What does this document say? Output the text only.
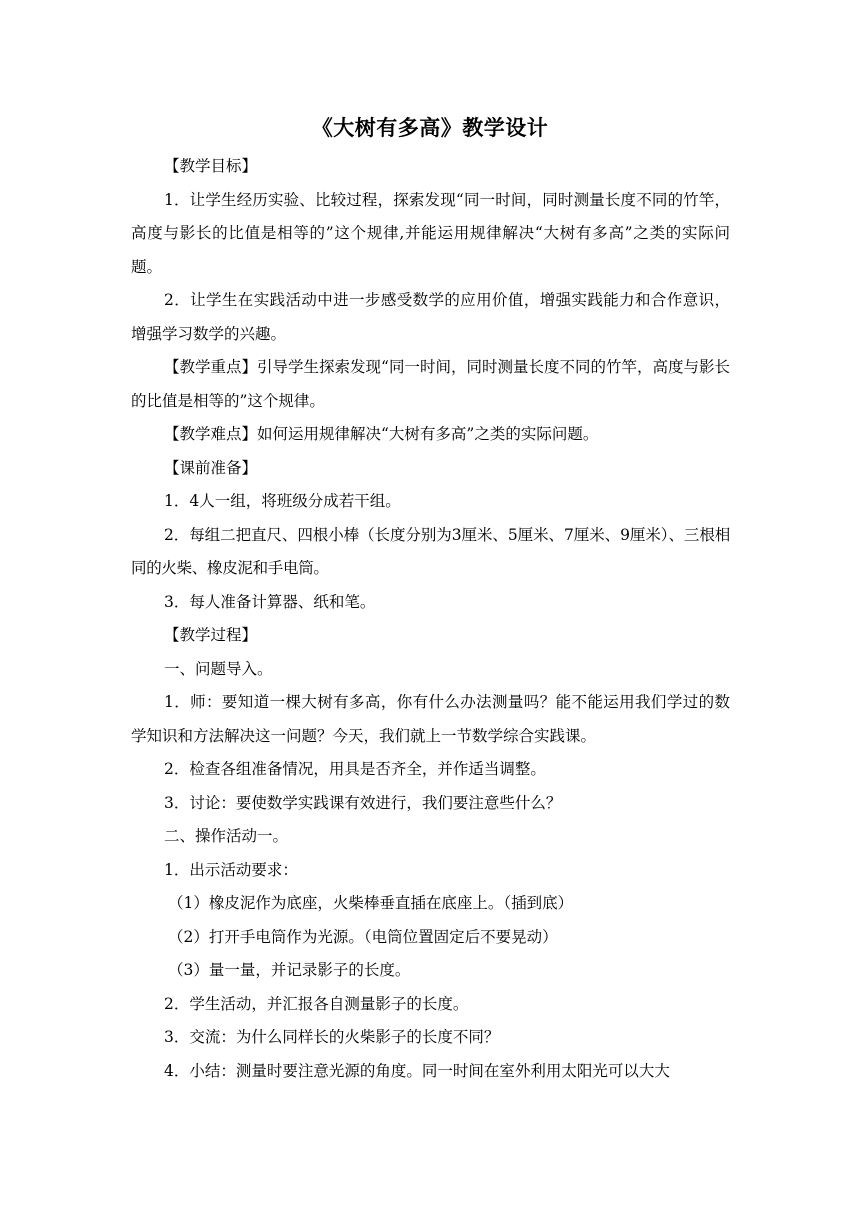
《大树有多高》教学设计

【教学目标】

1．让学生经历实验、比较过程，探索发现“同一时间，同时测量长度不同的竹竿，高度与影长的比值是相等的”这个规律,并能运用规律解决“大树有多高”之类的实际问题。

2．让学生在实践活动中进一步感受数学的应用价值，增强实践能力和合作意识，增强学习数学的兴趣。

【教学重点】引导学生探索发现“同一时间，同时测量长度不同的竹竿，高度与影长的比值是相等的”这个规律。

【教学难点】如何运用规律解决“大树有多高”之类的实际问题。

【课前准备】

1．4人一组，将班级分成若干组。

2．每组二把直尺、四根小棒（长度分别为3厘米、5厘米、7厘米、9厘米）、三根相同的火柴、橡皮泥和手电筒。

3．每人准备计算器、纸和笔。

【教学过程】

一、问题导入。

1．师：要知道一棵大树有多高，你有什么办法测量吗？能不能运用我们学过的数学知识和方法解决这一问题？今天，我们就上一节数学综合实践课。

2．检查各组准备情况，用具是否齐全，并作适当调整。

3．讨论：要使数学实践课有效进行，我们要注意些什么？

二、操作活动一。

1．出示活动要求：

（1）橡皮泥作为底座，火柴棒垂直插在底座上。（插到底）

（2）打开手电筒作为光源。（电筒位置固定后不要晃动）

（3）量一量，并记录影子的长度。

2．学生活动，并汇报各自测量影子的长度。

3．交流：为什么同样长的火柴影子的长度不同？

4．小结：测量时要注意光源的角度。同一时间在室外利用太阳光可以大大
